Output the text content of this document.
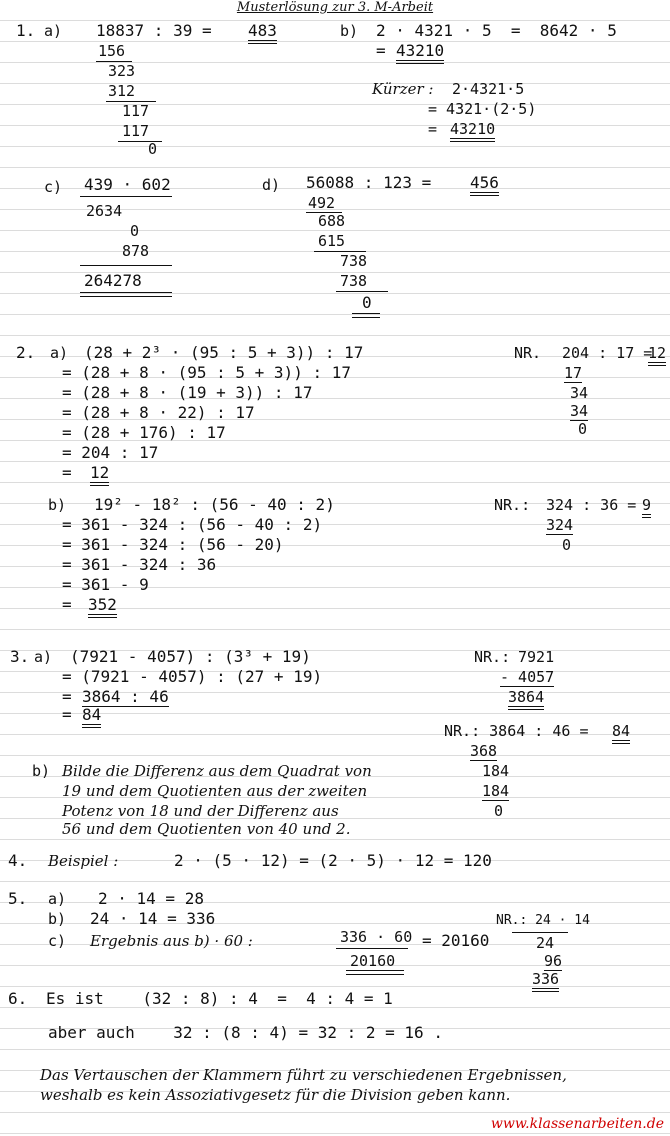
Musterlösung zur 3. M-Arbeit
1. a) 18837 : 39 = 483
156
323
312
117
117
0
b) 2 · 4321 · 5  =  8642 · 5
= 43210
Kürzer : 2·4321·5
= 4321·(2·5)
= 43210
c) 439 · 602
2634
0
878
264278
d) 56088 : 123 = 456
492
688
615
738
738
0
2. a) (28 + 2³ · (95 : 5 + 3)) : 17
= (28 + 8 · (95 : 5 + 3)) : 17
= (28 + 8 · (19 + 3)) : 17
= (28 + 8 · 22) : 17
= (28 + 176) : 17
= 204 : 17
= 12
NR. 204 : 17 =
12
17
34
34
0
b) 19² - 18² : (56 - 40 : 2)
= 361 - 324 : (56 - 40 : 2)
= 361 - 324 : (56 - 20)
= 361 - 324 : 36
= 361 - 9
= 352
NR.: 324 : 36 = 9
324
0
3. a) (7921 - 4057) : (3³ + 19)
= (7921 - 4057) : (27 + 19)
= 3864 : 46
= 84
NR.: 7921
- 4057
3864
NR.: 3864 : 46 = 84
368
184
184
0
b) Bilde die Differenz aus dem Quadrat von
19 und dem Quotienten aus der zweiten
Potenz von 18 und der Differenz aus
56 und dem Quotienten von 40 und 2.
4. Beispiel :	2 · (5 · 12) = (2 · 5) · 12 = 120
5. a) 2 · 14 = 28
b) 24 · 14 = 336
c) Ergebnis aus b) · 60 :	336 · 60
20160
= 20160
NR.: 24 · 14
24
96
336
6. Es ist    (32 : 8) : 4  =  4 : 4 = 1
aber auch    32 : (8 : 4) = 32 : 2 = 16 .
Das Vertauschen der Klammern führt zu verschiedenen Ergebnissen,
weshalb es kein Assoziativgesetz für die Division geben kann.
www.klassenarbeiten.de
